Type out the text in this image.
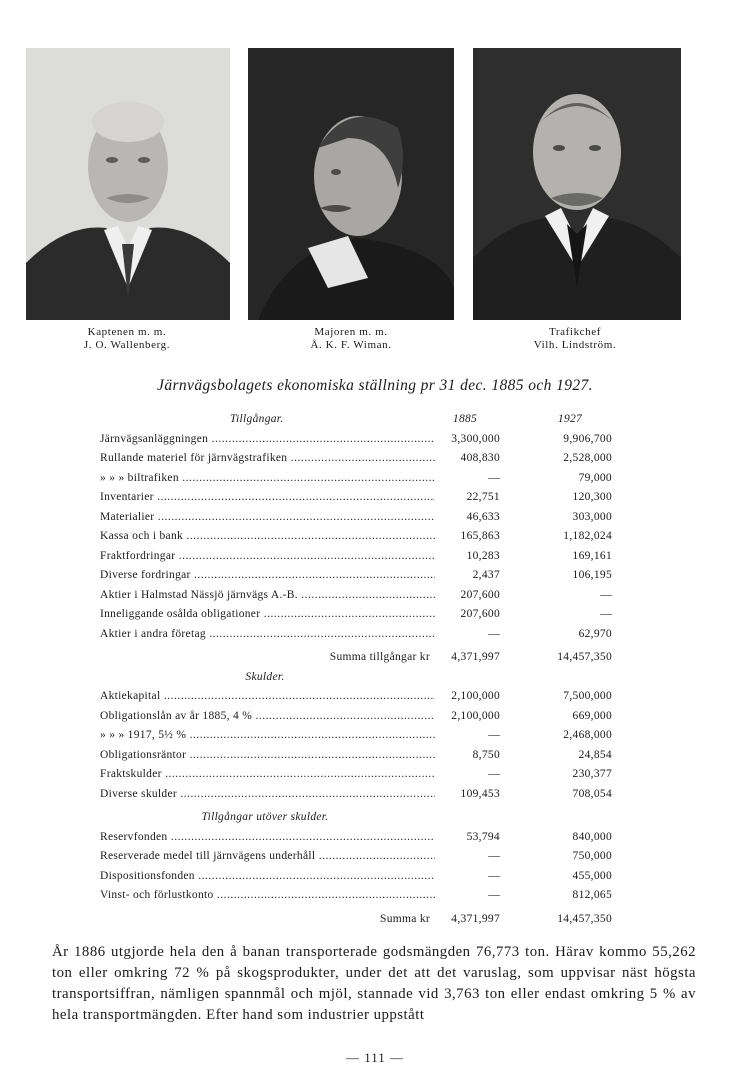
Kaptenen m. m.
J. O. Wallenberg.
Majoren m. m.
Å. K. F. Wiman.
Trafikchef
Vilh. Lindström.
Järnvägsbolagets ekonomiska ställning pr 31 dec. 1885 och 1927.
Tillgångar.	1885	1927
Järnvägsanläggningen .....	3,300,000	9,906,700
Rullande materiel för järnvägstrafiken .....	408,830	2,528,000
» » » biltrafiken .....	—	79,000
Inventarier .....	22,751	120,300
Materialier .....	46,633	303,000
Kassa och i bank .....	165,863	1,182,024
Fraktfordringar .....	10,283	169,161
Diverse fordringar .....	2,437	106,195
Aktier i Halmstad Nässjö järnvägs A.-B. .....	207,600	—
Inneliggande osålda obligationer .....	207,600	—
Aktier i andra företag .....	—	62,970
Summa tillgångar kr	4,371,997	14,457,350
Skulder.
Aktiekapital .....	2,100,000	7,500,000
Obligationslån av år 1885, 4 % .....	2,100,000	669,000
» » » 1917, 5½ % .....	—	2,468,000
Obligationsräntor .....	8,750	24,854
Fraktskulder .....	—	230,377
Diverse skulder .....	109,453	708,054
Tillgångar utöver skulder.
Reservfonden .....	53,794	840,000
Reserverade medel till järnvägens underhåll .....	—	750,000
Dispositionsfonden .....	—	455,000
Vinst- och förlustkonto .....	—	812,065
Summa kr	4,371,997	14,457,350
År 1886 utgjorde hela den å banan transporterade godsmängden 76,773 ton. Härav kommo 55,262 ton eller omkring 72 % på skogsprodukter, under det att det varuslag, som uppvisar näst högsta transportsiffran, nämligen spannmål och mjöl, stannade vid 3,763 ton eller endast omkring 5 % av hela transportmängden. Efter hand som industrier uppstått
— 111 —
